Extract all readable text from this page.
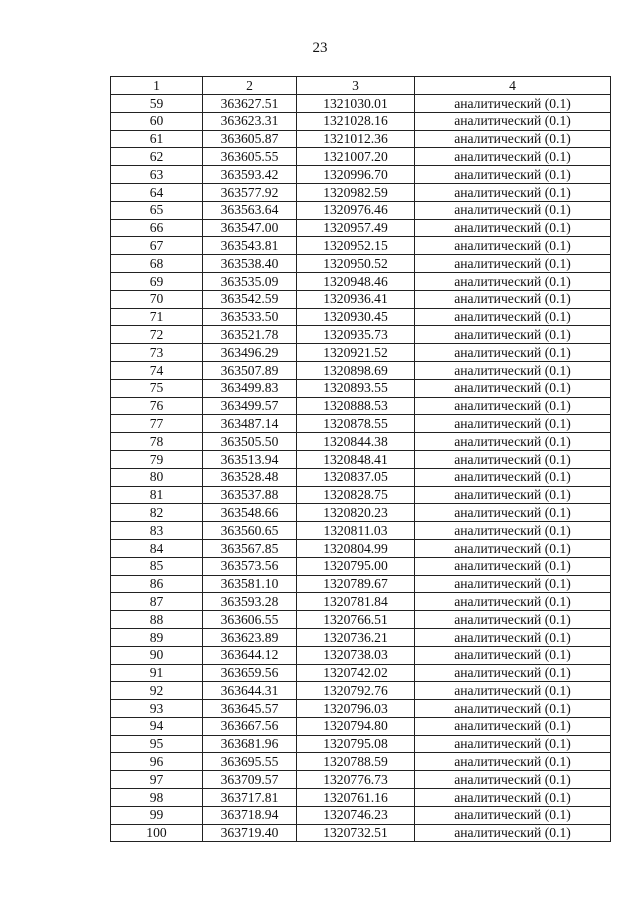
23
1	2	3	4
59	363627.51	1321030.01	аналитический (0.1)
60	363623.31	1321028.16	аналитический (0.1)
61	363605.87	1321012.36	аналитический (0.1)
62	363605.55	1321007.20	аналитический (0.1)
63	363593.42	1320996.70	аналитический (0.1)
64	363577.92	1320982.59	аналитический (0.1)
65	363563.64	1320976.46	аналитический (0.1)
66	363547.00	1320957.49	аналитический (0.1)
67	363543.81	1320952.15	аналитический (0.1)
68	363538.40	1320950.52	аналитический (0.1)
69	363535.09	1320948.46	аналитический (0.1)
70	363542.59	1320936.41	аналитический (0.1)
71	363533.50	1320930.45	аналитический (0.1)
72	363521.78	1320935.73	аналитический (0.1)
73	363496.29	1320921.52	аналитический (0.1)
74	363507.89	1320898.69	аналитический (0.1)
75	363499.83	1320893.55	аналитический (0.1)
76	363499.57	1320888.53	аналитический (0.1)
77	363487.14	1320878.55	аналитический (0.1)
78	363505.50	1320844.38	аналитический (0.1)
79	363513.94	1320848.41	аналитический (0.1)
80	363528.48	1320837.05	аналитический (0.1)
81	363537.88	1320828.75	аналитический (0.1)
82	363548.66	1320820.23	аналитический (0.1)
83	363560.65	1320811.03	аналитический (0.1)
84	363567.85	1320804.99	аналитический (0.1)
85	363573.56	1320795.00	аналитический (0.1)
86	363581.10	1320789.67	аналитический (0.1)
87	363593.28	1320781.84	аналитический (0.1)
88	363606.55	1320766.51	аналитический (0.1)
89	363623.89	1320736.21	аналитический (0.1)
90	363644.12	1320738.03	аналитический (0.1)
91	363659.56	1320742.02	аналитический (0.1)
92	363644.31	1320792.76	аналитический (0.1)
93	363645.57	1320796.03	аналитический (0.1)
94	363667.56	1320794.80	аналитический (0.1)
95	363681.96	1320795.08	аналитический (0.1)
96	363695.55	1320788.59	аналитический (0.1)
97	363709.57	1320776.73	аналитический (0.1)
98	363717.81	1320761.16	аналитический (0.1)
99	363718.94	1320746.23	аналитический (0.1)
100	363719.40	1320732.51	аналитический (0.1)
